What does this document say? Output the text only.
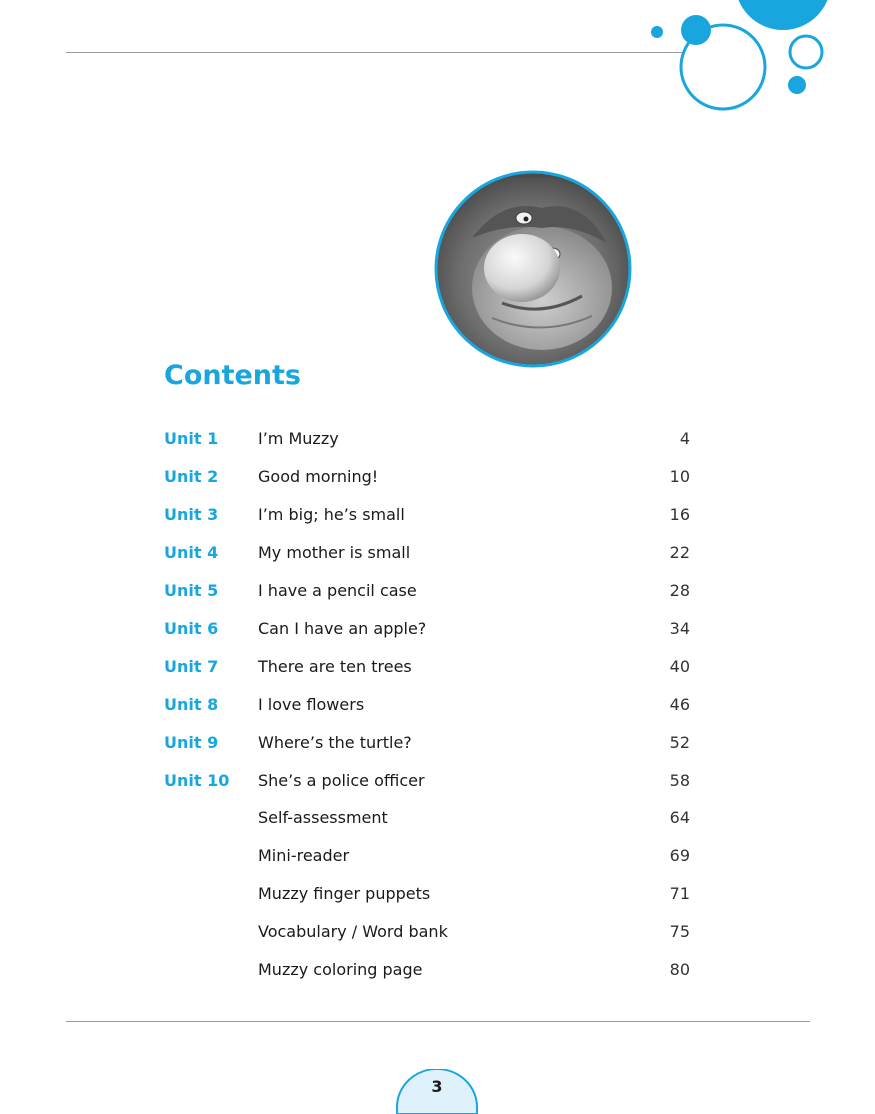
Contents
Unit 1 I’m Muzzy	4
Unit 2 Good morning!	10
Unit 3 I’m big; he’s small	16
Unit 4 My mother is small	22
Unit 5 I have a pencil case	28
Unit 6 Can I have an apple?	34
Unit 7 There are ten trees	40
Unit 8 I love flowers	46
Unit 9 Where’s the turtle?	52
Unit 10 She’s a police officer	58
Self-assessment	64
Mini-reader	69
Muzzy finger puppets	71
Vocabulary / Word bank	75
Muzzy coloring page	80
3
